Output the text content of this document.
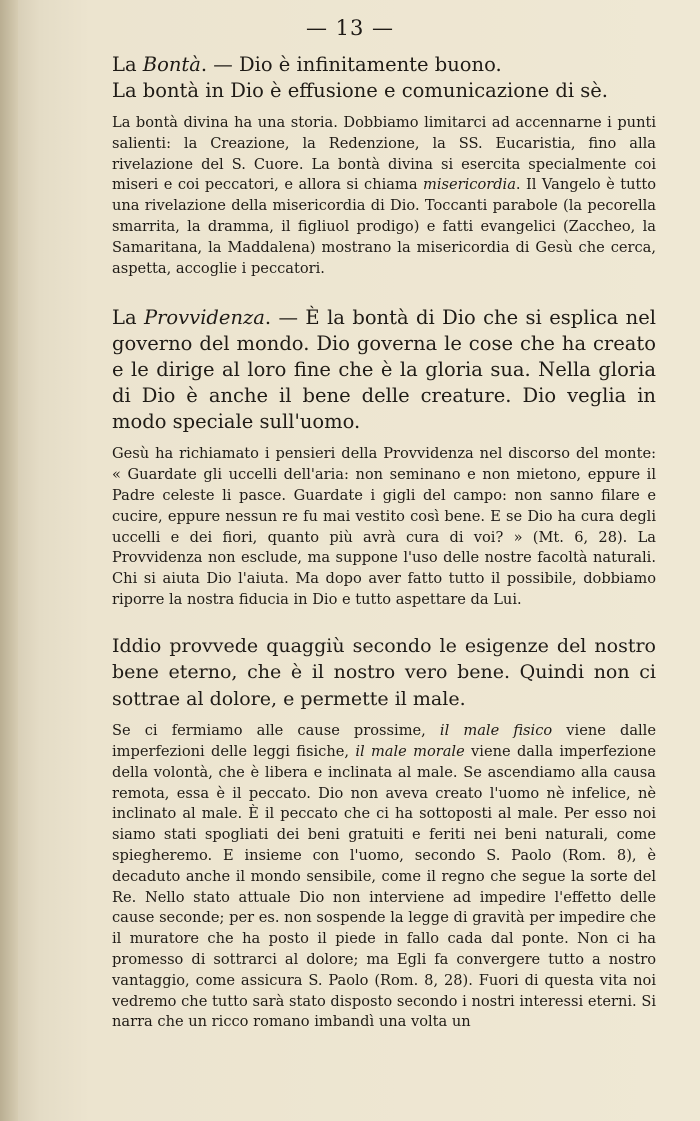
— 13 —

La Bontà. — Dio è infinitamente buono.

La bontà in Dio è effusione e comunicazione di sè.

La bontà divina ha una storia. Dobbiamo limitarci ad accennarne i punti salienti: la Creazione, la Redenzione, la SS. Eucaristia, fino alla rivelazione del S. Cuore. La bontà divina si esercita specialmente coi miseri e coi peccatori, e allora si chiama misericordia. Il Vangelo è tutto una rivelazione della misericordia di Dio. Toccanti parabole (la pecorella smarrita, la dramma, il figliuol prodigo) e fatti evangelici (Zaccheo, la Samaritana, la Maddalena) mostrano la misericordia di Gesù che cerca, aspetta, accoglie i peccatori.

La Provvidenza. — È la bontà di Dio che si esplica nel governo del mondo. Dio governa le cose che ha creato e le dirige al loro fine che è la gloria sua. Nella gloria di Dio è anche il bene delle creature. Dio veglia in modo speciale sull'uomo.

Gesù ha richiamato i pensieri della Provvidenza nel discorso del monte: « Guardate gli uccelli dell'aria: non seminano e non mietono, eppure il Padre celeste li pasce. Guardate i gigli del campo: non sanno filare e cucire, eppure nessun re fu mai vestito così bene. E se Dio ha cura degli uccelli e dei fiori, quanto più avrà cura di voi? » (Mt. 6, 28). La Provvidenza non esclude, ma suppone l'uso delle nostre facoltà naturali. Chi si aiuta Dio l'aiuta. Ma dopo aver fatto tutto il possibile, dobbiamo riporre la nostra fiducia in Dio e tutto aspettare da Lui.

Iddio provvede quaggiù secondo le esigenze del nostro bene eterno, che è il nostro vero bene. Quindi non ci sottrae al dolore, e permette il male.

Se ci fermiamo alle cause prossime, il male fisico viene dalle imperfezioni delle leggi fisiche, il male morale viene dalla imperfezione della volontà, che è libera e inclinata al male. Se ascendiamo alla causa remota, essa è il peccato. Dio non aveva creato l'uomo nè infelice, nè inclinato al male. È il peccato che ci ha sottoposti al male. Per esso noi siamo stati spogliati dei beni gratuiti e feriti nei beni naturali, come spiegheremo. E insieme con l'uomo, secondo S. Paolo (Rom. 8), è decaduto anche il mondo sensibile, come il regno che segue la sorte del Re. Nello stato attuale Dio non interviene ad impedire l'effetto delle cause seconde; per es. non sospende la legge di gravità per impedire che il muratore che ha posto il piede in fallo cada dal ponte. Non ci ha promesso di sottrarci al dolore; ma Egli fa convergere tutto a nostro vantaggio, come assicura S. Paolo (Rom. 8, 28). Fuori di questa vita noi vedremo che tutto sarà stato disposto secondo i nostri interessi eterni. Si narra che un ricco romano imbandì una volta un
